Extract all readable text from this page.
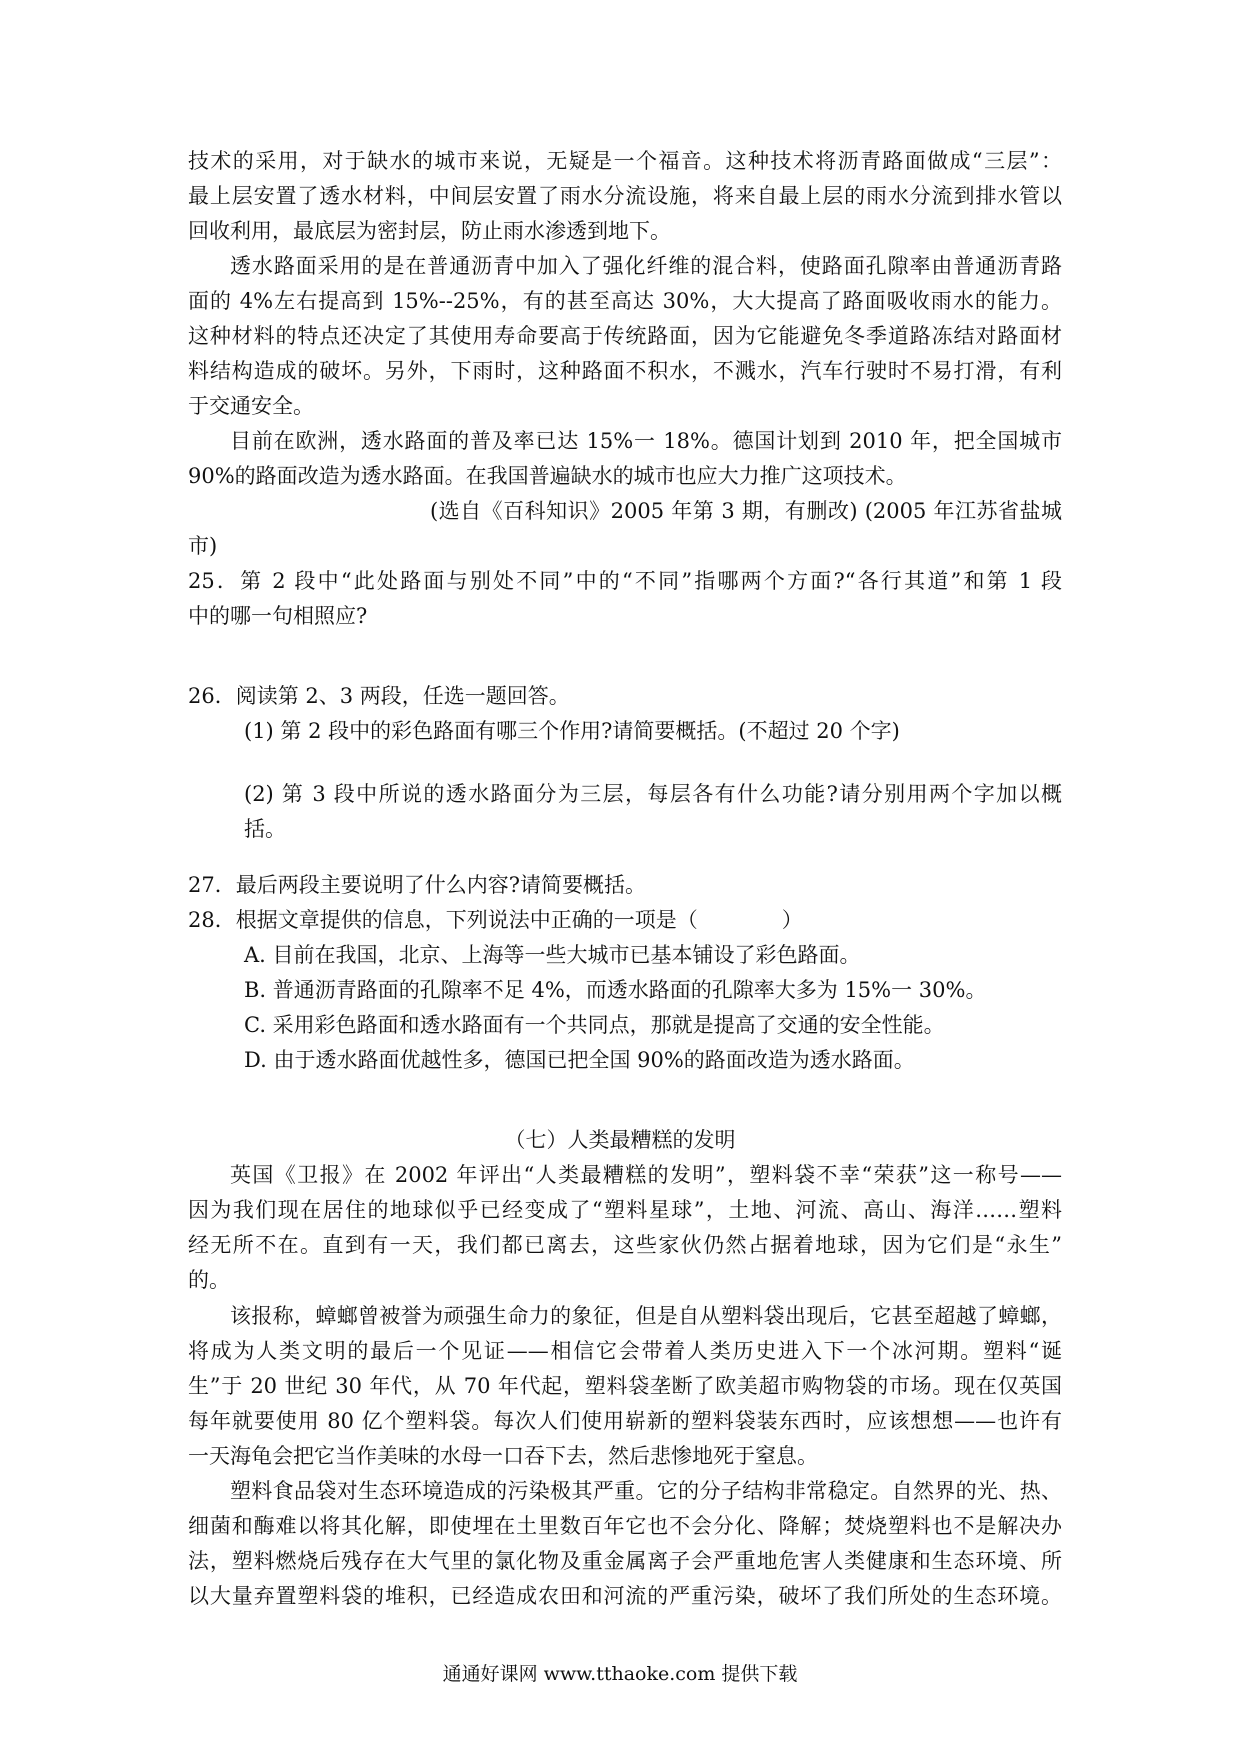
技术的采用，对于缺水的城市来说，无疑是一个福音。这种技术将沥青路面做成“三层”：
最上层安置了透水材料，中间层安置了雨水分流设施，将来自最上层的雨水分流到排水管以
回收利用，最底层为密封层，防止雨水渗透到地下。
透水路面采用的是在普通沥青中加入了强化纤维的混合料，使路面孔隙率由普通沥青路
面的 4%左右提高到 15%--25%，有的甚至高达 30%，大大提高了路面吸收雨水的能力。
这种材料的特点还决定了其使用寿命要高于传统路面，因为它能避免冬季道路冻结对路面材
料结构造成的破坏。另外，下雨时，这种路面不积水，不溅水，汽车行驶时不易打滑，有利
于交通安全。
目前在欧洲，透水路面的普及率已达 15%一 18%。德国计划到 2010 年，把全国城市
90%的路面改造为透水路面。在我国普遍缺水的城市也应大力推广这项技术。
(选自《百科知识》2005 年第 3 期，有删改) (2005 年江苏省盐城
市)
25．第 2 段中“此处路面与别处不同”中的“不同”指哪两个方面?“各行其道”和第 1 段
中的哪一句相照应?
26．阅读第 2、3 两段，任选一题回答。
(1) 第 2 段中的彩色路面有哪三个作用?请简要概括。(不超过 20 个字)
(2) 第 3 段中所说的透水路面分为三层，每层各有什么功能?请分别用两个字加以概
括。
27．最后两段主要说明了什么内容?请简要概括。
28．根据文章提供的信息，下列说法中正确的一项是（　　　　）
A. 目前在我国，北京、上海等一些大城市已基本铺设了彩色路面。
B. 普通沥青路面的孔隙率不足 4%，而透水路面的孔隙率大多为 15%一 30%。
C. 采用彩色路面和透水路面有一个共同点，那就是提高了交通的安全性能。
D. 由于透水路面优越性多，德国已把全国 90%的路面改造为透水路面。
（七）人类最糟糕的发明
英国《卫报》在 2002 年评出“人类最糟糕的发明”，塑料袋不幸“荣获”这一称号——
因为我们现在居住的地球似乎已经变成了“塑料星球”，土地、河流、高山、海洋……塑料
经无所不在。直到有一天，我们都已离去，这些家伙仍然占据着地球，因为它们是“永生”
的。
该报称，蟑螂曾被誉为顽强生命力的象征，但是自从塑料袋出现后，它甚至超越了蟑螂，
将成为人类文明的最后一个见证——相信它会带着人类历史进入下一个冰河期。塑料“诞
生”于 20 世纪 30 年代，从 70 年代起，塑料袋垄断了欧美超市购物袋的市场。现在仅英国
每年就要使用 80 亿个塑料袋。每次人们使用崭新的塑料袋装东西时，应该想想——也许有
一天海龟会把它当作美味的水母一口吞下去，然后悲惨地死于窒息。
塑料食品袋对生态环境造成的污染极其严重。它的分子结构非常稳定。自然界的光、热、
细菌和酶难以将其化解，即使埋在土里数百年它也不会分化、降解；焚烧塑料也不是解决办
法，塑料燃烧后残存在大气里的氯化物及重金属离子会严重地危害人类健康和生态环境、所
以大量弃置塑料袋的堆积，已经造成农田和河流的严重污染，破坏了我们所处的生态环境。
通通好课网 www.tthaoke.com 提供下载
